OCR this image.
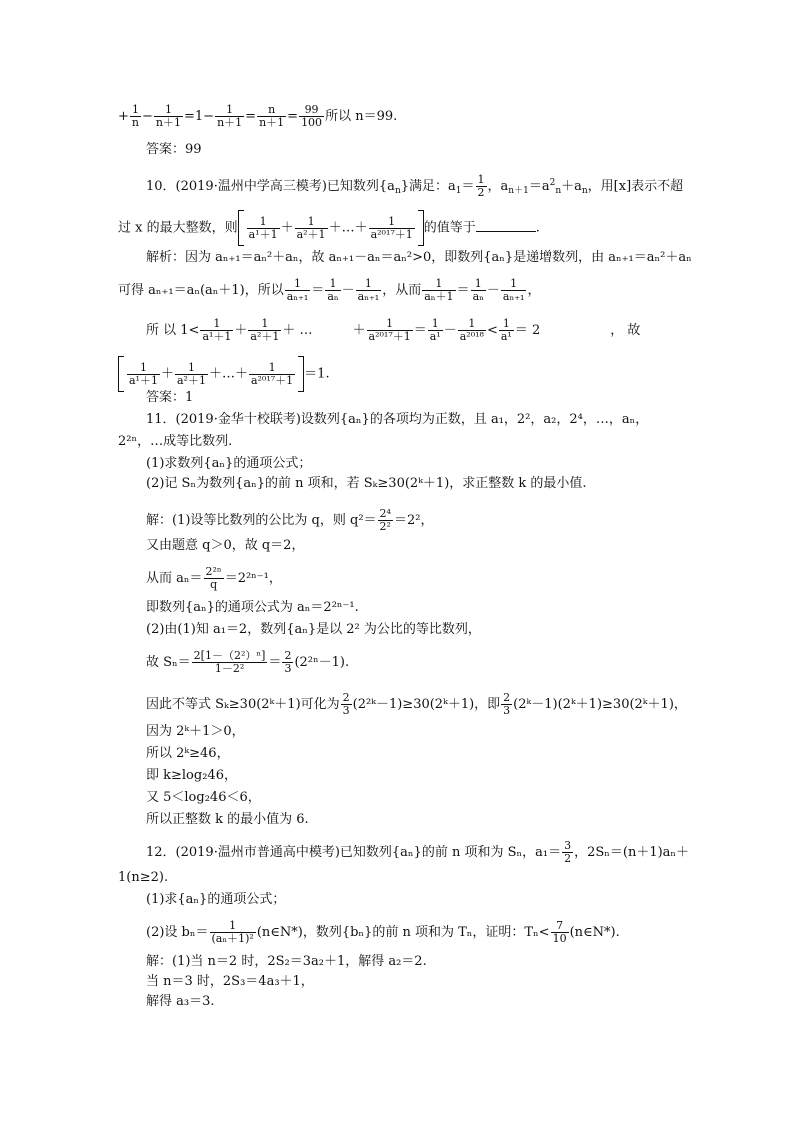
+ $\frac{1}{n} - \frac{1}{n+1} =1- \frac{1}{n+1} = \frac{n}{n+1} = \frac{99}{100}$ 所以 n＝99.
答案：99
10．(2019·温州中学高三模考)已知数列$\{a_n\}$满足：$a_1= \frac{1}{2}$ ，$a_{n+1}=a^2_n+a_n$，用[x]表示不超
过 x 的最大整数，则 $\frac{1}{\text{a¹＋1}} + \frac{1}{\text{a²＋1}}$ ＋…＋ $\frac{1}{\text{a²⁰¹⁷＋1}}$ 的值等于	.
解析：因为 aₙ₊₁＝aₙ²＋aₙ，故 aₙ₊₁－aₙ＝aₙ²>0，即数列{aₙ}是递增数列，由 aₙ₊₁＝aₙ²＋aₙ
可得 aₙ₊₁＝aₙ(aₙ＋1)，所以 $\frac{1}{\text{aₙ₊₁}} = \frac{1}{\text{aₙ}} - \frac{1}{\text{aₙ₊₁}}$ ，从而 $\frac{1}{\text{aₙ＋1}} = \frac{1}{\text{aₙ}} - \frac{1}{\text{aₙ₊₁}}$ ，
所 以 $1< \frac{1}{\text{a¹＋1}} + \frac{1}{\text{a²＋1}}$ ＋ …	＋ $\frac{1}{\text{a²⁰¹⁷＋1}} = \frac{1}{\text{a¹}} - \frac{1}{\text{a²⁰¹⁸}} < \frac{1}{\text{a¹}} = 2$	， 故
$\frac{1}{\text{a¹＋1}} + \frac{1}{\text{a²＋1}}$ ＋…＋ $\frac{1}{\text{a²⁰¹⁷＋1}} =1$.
答案：1
11．(2019·金华十校联考)设数列{aₙ}的各项均为正数，且 a₁，2²，a₂，2⁴，…，aₙ，
2²ⁿ，…成等比数列.
(1)求数列{aₙ}的通项公式；
(2)记 Sₙ为数列{aₙ}的前 n 项和，若 Sₖ≥30(2ᵏ＋1)，求正整数 k 的最小值.
解：(1)设等比数列的公比为 q，则 $q^2= \frac{\text{2⁴}}{\text{2²}} =2^2$，
又由题意 q＞0，故 q＝2，
从而 $a_n= \frac{\text{2²ⁿ}}{q} =2^{2n-1}$，
即数列{aₙ}的通项公式为 aₙ＝2²ⁿ⁻¹.
(2)由(1)知 a₁＝2，数列{aₙ}是以 2² 为公比的等比数列，
故 $S_n= \frac{\text{2[1－（2²）ⁿ]}}{\text{1－2²}} = \frac{2}{3} (2^{2n}-1)$.
因此不等式 Sₖ≥30(2ᵏ＋1)可化为 $\frac{2}{3}$ (2²ᵏ－1)≥30(2ᵏ＋1)，即 $\frac{2}{3}$ (2ᵏ－1)(2ᵏ＋1)≥30(2ᵏ＋1)，
因为 2ᵏ＋1＞0，
所以 2ᵏ≥46，
即 k≥log₂46，
又 5＜log₂46＜6，
所以正整数 k 的最小值为 6.
12．(2019·温州市普通高中模考)已知数列{aₙ}的前 n 项和为 Sₙ，$a_1= \frac{3}{2}$ ，2Sₙ＝(n＋1)aₙ＋
1(n≥2).
(1)求{aₙ}的通项公式；
(2)设 $b_n= \frac{1}{\text{(aₙ＋1)²}}$ (n∈N*)，数列{bₙ}的前 n 项和为 Tₙ，证明：$T_n< \frac{7}{10}$ (n∈N*).
解：(1)当 n＝2 时，2S₂＝3a₂＋1，解得 a₂＝2.
当 n＝3 时，2S₃＝4a₃＋1，
解得 a₃＝3.
